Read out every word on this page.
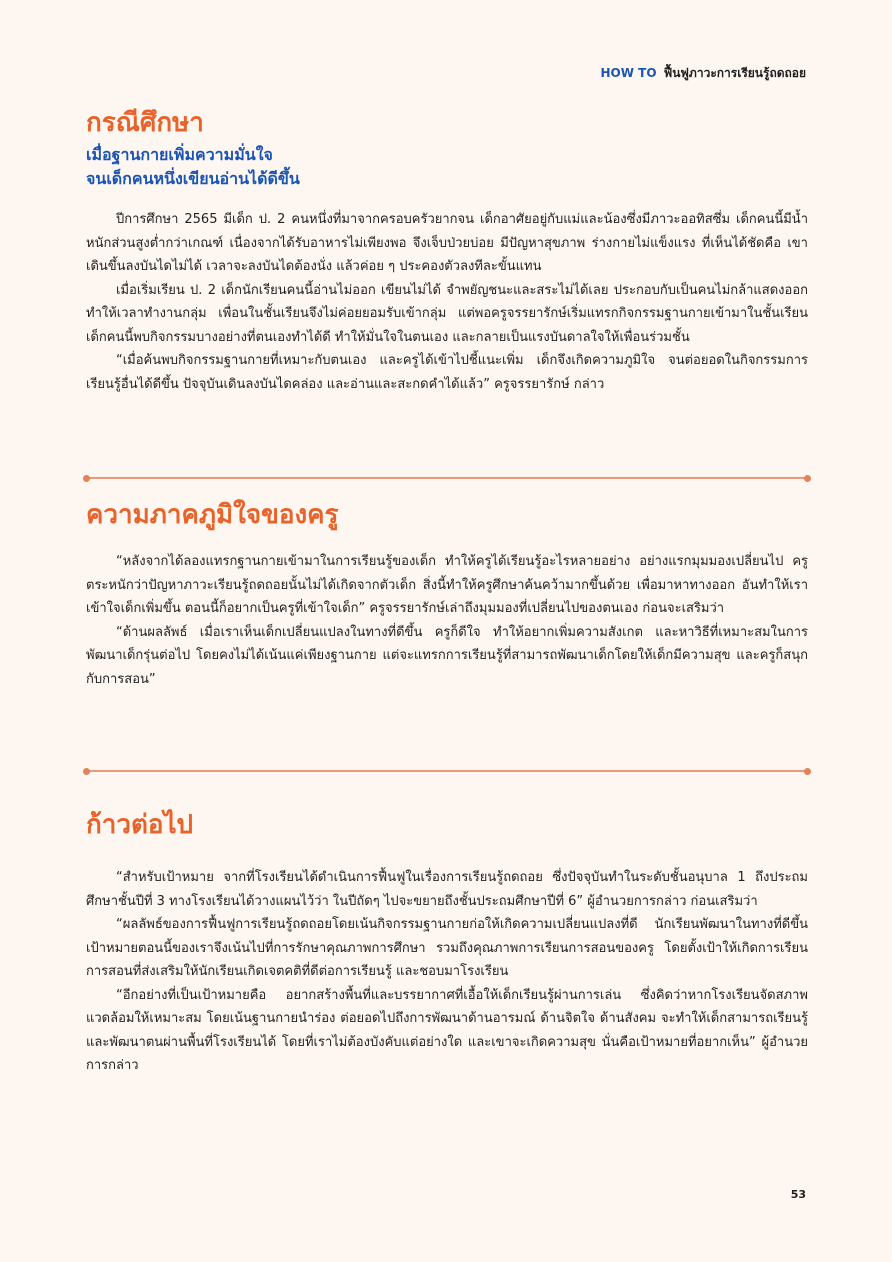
HOW TO ฟื้นฟูภาวะการเรียนรู้ถดถอย
กรณีศึกษา
เมื่อฐานกายเพิ่มความมั่นใจ
จนเด็กคนหนึ่งเขียนอ่านได้ดีขึ้น

ปีการศึกษา 2565 มีเด็ก ป. 2 คนหนึ่งที่มาจากครอบครัวยากจน เด็กอาศัยอยู่กับแม่และน้องซึ่งมีภาวะออทิสซึ่ม เด็กคนนี้มีน้ำหนักส่วนสูงต่ำกว่าเกณฑ์ เนื่องจากได้รับอาหารไม่เพียงพอ จึงเจ็บป่วยบ่อย มีปัญหาสุขภาพ ร่างกายไม่แข็งแรง ที่เห็นได้ชัดคือ เขาเดินขึ้นลงบันไดไม่ได้ เวลาจะลงบันไดต้องนั่ง แล้วค่อย ๆ ประคองตัวลงทีละขั้นแทน

เมื่อเริ่มเรียน ป. 2 เด็กนักเรียนคนนี้อ่านไม่ออก เขียนไม่ได้ จำพยัญชนะและสระไม่ได้เลย ประกอบกับเป็นคนไม่กล้าแสดงออก ทำให้เวลาทำงานกลุ่ม เพื่อนในชั้นเรียนจึงไม่ค่อยยอมรับเข้ากลุ่ม แต่พอครูจรรยารักษ์เริ่มแทรกกิจกรรมฐานกายเข้ามาในชั้นเรียน เด็กคนนี้พบกิจกรรมบางอย่างที่ตนเองทำได้ดี ทำให้มั่นใจในตนเอง และกลายเป็นแรงบันดาลใจให้เพื่อนร่วมชั้น

“เมื่อค้นพบกิจกรรมฐานกายที่เหมาะกับตนเอง และครูได้เข้าไปชี้แนะเพิ่ม เด็กจึงเกิดความภูมิใจ จนต่อยอดในกิจกรรมการเรียนรู้อื่นได้ดีขึ้น ปัจจุบันเดินลงบันไดคล่อง และอ่านและสะกดคำได้แล้ว” ครูจรรยารักษ์ กล่าว

ความภาคภูมิใจของครู

“หลังจากได้ลองแทรกฐานกายเข้ามาในการเรียนรู้ของเด็ก ทำให้ครูได้เรียนรู้อะไรหลายอย่าง อย่างแรกมุมมองเปลี่ยนไป ครูตระหนักว่าปัญหาภาวะเรียนรู้ถดถอยนั้นไม่ได้เกิดจากตัวเด็ก สิ่งนี้ทำให้ครูศึกษาค้นคว้ามากขึ้นด้วย เพื่อมาหาทางออก อันทำให้เราเข้าใจเด็กเพิ่มขึ้น ตอนนี้ก็อยากเป็นครูที่เข้าใจเด็ก” ครูจรรยารักษ์เล่าถึงมุมมองที่เปลี่ยนไปของตนเอง ก่อนจะเสริมว่า

“ด้านผลลัพธ์ เมื่อเราเห็นเด็กเปลี่ยนแปลงในทางที่ดีขึ้น ครูก็ดีใจ ทำให้อยากเพิ่มความสังเกต และหาวิธีที่เหมาะสมในการพัฒนาเด็กรุ่นต่อไป โดยคงไม่ได้เน้นแค่เพียงฐานกาย แต่จะแทรกการเรียนรู้ที่สามารถพัฒนาเด็กโดยให้เด็กมีความสุข และครูก็สนุกกับการสอน”

ก้าวต่อไป

“สำหรับเป้าหมาย จากที่โรงเรียนได้ดำเนินการฟื้นฟูในเรื่องการเรียนรู้ถดถอย ซึ่งปัจจุบันทำในระดับชั้นอนุบาล 1 ถึงประถมศึกษาชั้นปีที่ 3 ทางโรงเรียนได้วางแผนไว้ว่า ในปีถัดๆ ไปจะขยายถึงชั้นประถมศึกษาปีที่ 6” ผู้อำนวยการกล่าว ก่อนเสริมว่า

“ผลลัพธ์ของการฟื้นฟูการเรียนรู้ถดถอยโดยเน้นกิจกรรมฐานกายก่อให้เกิดความเปลี่ยนแปลงที่ดี นักเรียนพัฒนาในทางที่ดีขึ้น เป้าหมายตอนนี้ของเราจึงเน้นไปที่การรักษาคุณภาพการศึกษา รวมถึงคุณภาพการเรียนการสอนของครู โดยตั้งเป้าให้เกิดการเรียนการสอนที่ส่งเสริมให้นักเรียนเกิดเจตคติที่ดีต่อการเรียนรู้ และชอบมาโรงเรียน

“อีกอย่างที่เป็นเป้าหมายคือ อยากสร้างพื้นที่และบรรยากาศที่เอื้อให้เด็กเรียนรู้ผ่านการเล่น ซึ่งคิดว่าหากโรงเรียนจัดสภาพแวดล้อมให้เหมาะสม โดยเน้นฐานกายนำร่อง ต่อยอดไปถึงการพัฒนาด้านอารมณ์ ด้านจิตใจ ด้านสังคม จะทำให้เด็กสามารถเรียนรู้และพัฒนาตนผ่านพื้นที่โรงเรียนได้ โดยที่เราไม่ต้องบังคับแต่อย่างใด และเขาจะเกิดความสุข นั่นคือเป้าหมายที่อยากเห็น” ผู้อำนวยการกล่าว

53
